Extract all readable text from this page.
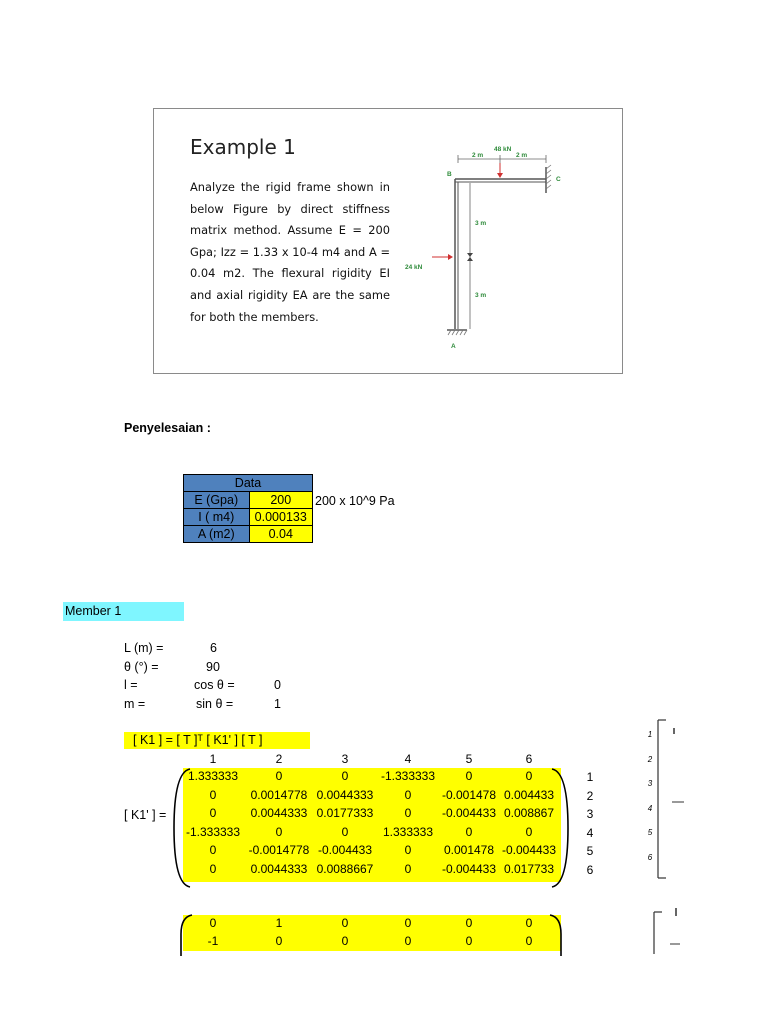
Example 1
Analyze the rigid frame shown in below Figure by direct stiffness matrix method. Assume E = 200 Gpa; Izz = 1.33 x 10-4 m4 and A = 0.04 m2. The flexural rigidity EI and axial rigidity EA are the same for both the members.
2 m	2 m
48 kN
B
C
A
3 m
3 m
24 kN
Penyelesaian :
Data	
E (Gpa)	200
I ( m4)	0.000133
A (m2)	0.04
200 x 10^9 Pa
Member 1
L (m) =	6
θ (°) =	90
l =	cos θ =	0
m =	sin θ =	1
[ K1 ] = [ T ]ᵀ [ K1' ] [ T ]
1	2	3	4	5	6
[ K1' ] =
1.333333	0	0	-1.333333	0	0
0	0.0014778 0.0044333	0	-0.001478 0.004433
0	0.0044333 0.0177333	0	-0.004433 0.008867
-1.333333	0	0	1.333333	0	0
0	-0.0014778 -0.004433	0	0.001478 -0.004433
0	0.0044333 0.0088667	0	-0.004433 0.017733
1
2
3
4
5
6
0	1	0	0	0	0
-1	0	0	0	0	0
1
2
3
4
5
6
